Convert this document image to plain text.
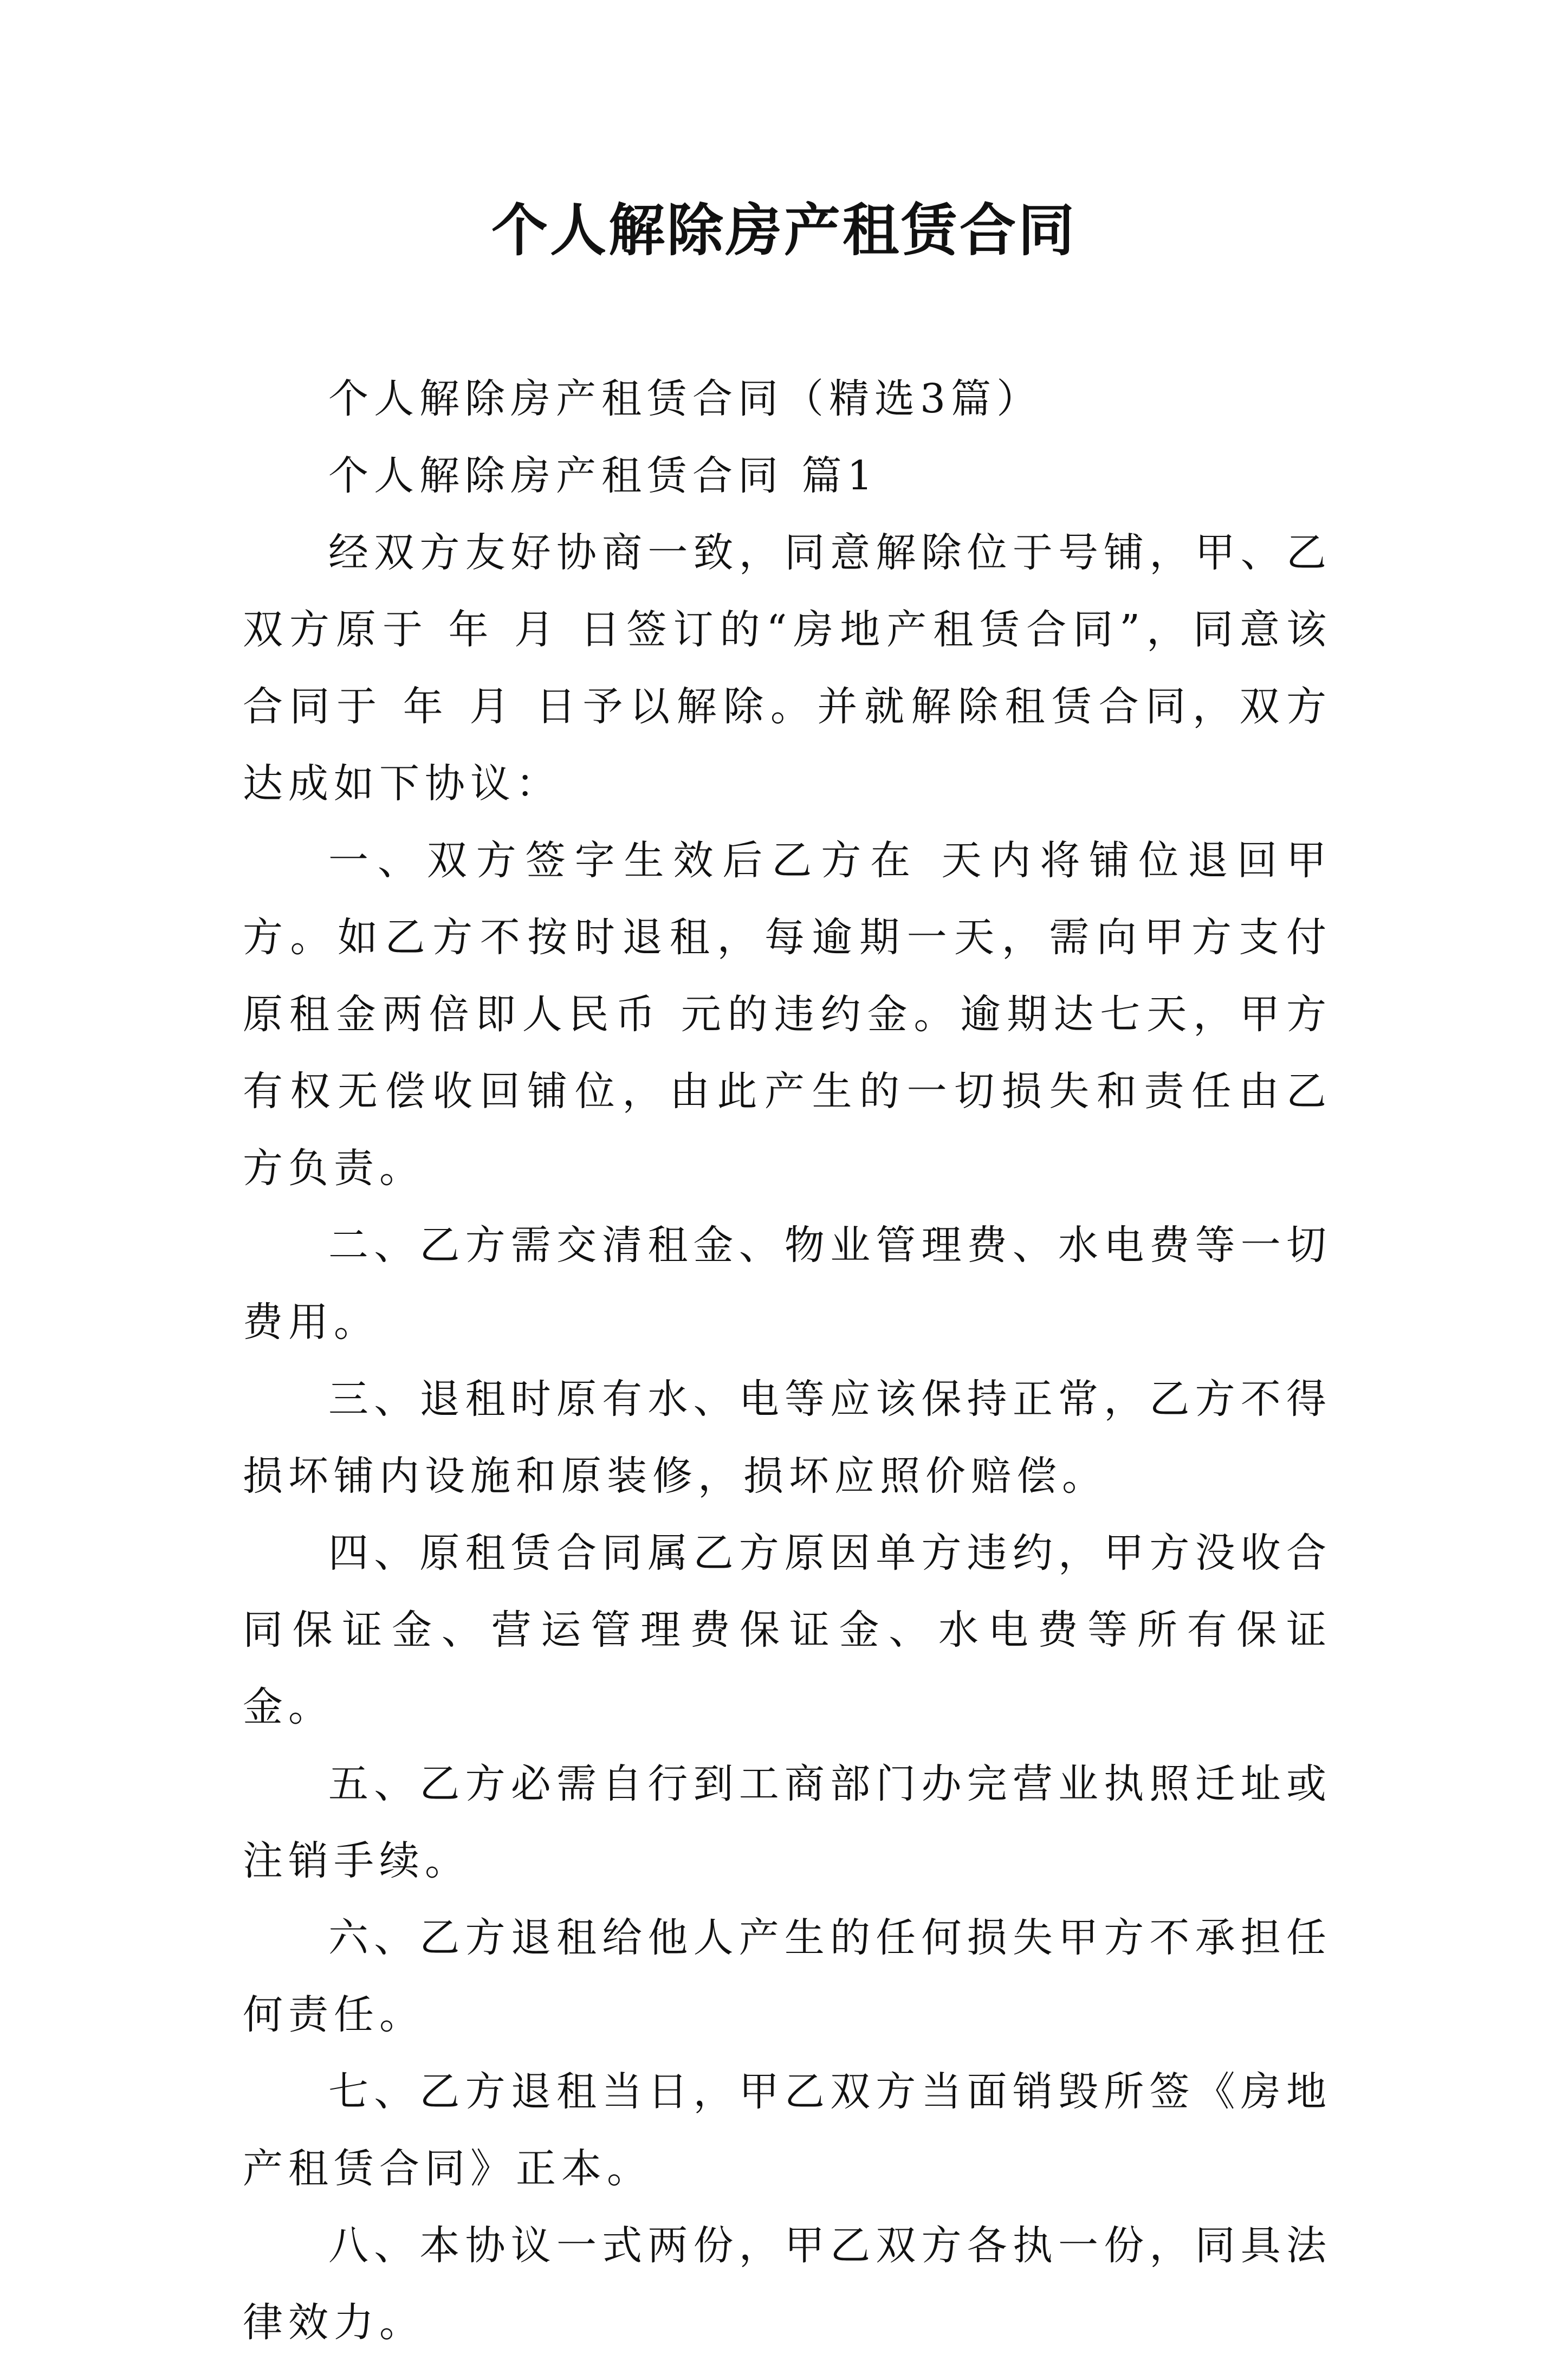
个人解除房产租赁合同

个人解除房产租赁合同（精选3篇）

个人解除房产租赁合同 篇1

经双方友好协商一致，同意解除位于号铺，甲、乙双方原于 年 月 日签订的“房地产租赁合同”，同意该合同于 年 月 日予以解除。并就解除租赁合同，双方达成如下协议：

一、双方签字生效后乙方在 天内将铺位退回甲方。如乙方不按时退租，每逾期一天，需向甲方支付原租金两倍即人民币 元的违约金。逾期达七天，甲方有权无偿收回铺位，由此产生的一切损失和责任由乙方负责。

二、乙方需交清租金、物业管理费、水电费等一切费用。

三、退租时原有水、电等应该保持正常，乙方不得损坏铺内设施和原装修，损坏应照价赔偿。

四、原租赁合同属乙方原因单方违约，甲方没收合同保证金、营运管理费保证金、水电费等所有保证金。

五、乙方必需自行到工商部门办完营业执照迁址或注销手续。

六、乙方退租给他人产生的任何损失甲方不承担任何责任。

七、乙方退租当日，甲乙双方当面销毁所签《房地产租赁合同》正本。

八、本协议一式两份，甲乙双方各执一份，同具法律效力。
